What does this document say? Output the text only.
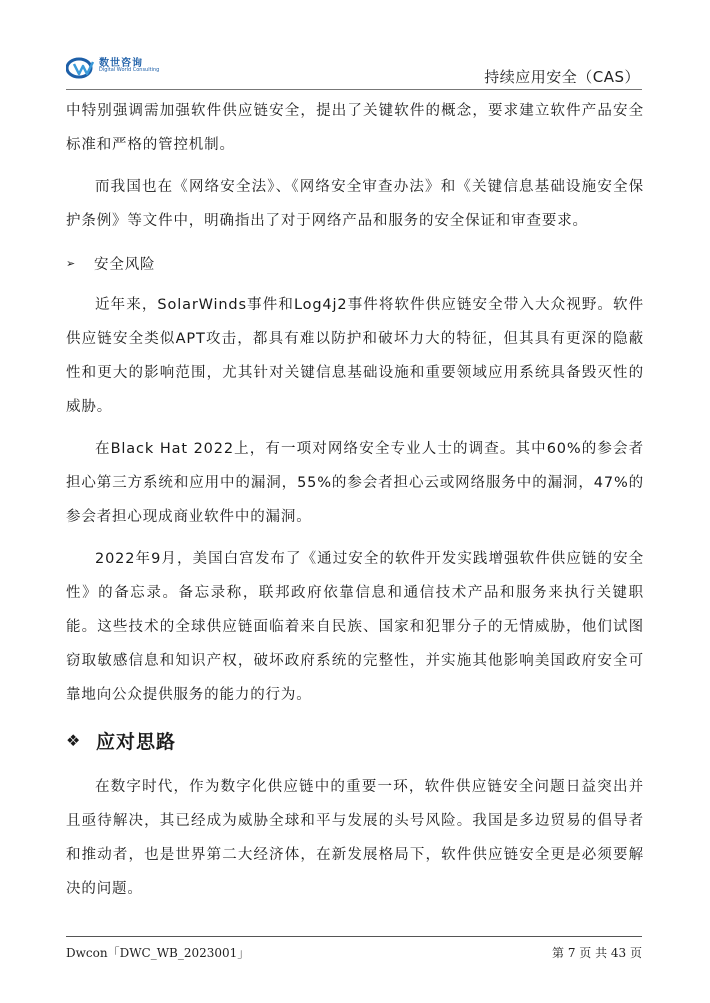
数世咨询
Digital World Consulting	持续应用安全（CAS）

中特别强调需加强软件供应链安全，提出了关键软件的概念，要求建立软件产品安全标准和严格的管控机制。

而我国也在《网络安全法》、《网络安全审查办法》和《关键信息基础设施安全保护条例》等文件中，明确指出了对于网络产品和服务的安全保证和审查要求。

➢	安全风险

近年来，SolarWinds事件和Log4j2事件将软件供应链安全带入大众视野。软件供应链安全类似APT攻击，都具有难以防护和破坏力大的特征，但其具有更深的隐蔽性和更大的影响范围，尤其针对关键信息基础设施和重要领域应用系统具备毁灭性的威胁。

在Black Hat 2022上，有一项对网络安全专业人士的调查。其中60%的参会者担心第三方系统和应用中的漏洞，55%的参会者担心云或网络服务中的漏洞，47%的参会者担心现成商业软件中的漏洞。

2022年9月，美国白宫发布了《通过安全的软件开发实践增强软件供应链的安全性》的备忘录。备忘录称，联邦政府依靠信息和通信技术产品和服务来执行关键职能。这些技术的全球供应链面临着来自民族、国家和犯罪分子的无情威胁，他们试图窃取敏感信息和知识产权，破坏政府系统的完整性，并实施其他影响美国政府安全可靠地向公众提供服务的能力的行为。

❖ 应对思路

在数字时代，作为数字化供应链中的重要一环，软件供应链安全问题日益突出并且亟待解决，其已经成为威胁全球和平与发展的头号风险。我国是多边贸易的倡导者和推动者，也是世界第二大经济体，在新发展格局下，软件供应链安全更是必须要解决的问题。

Dwcon「DWC_WB_2023001」	第 7 页 共 43 页
